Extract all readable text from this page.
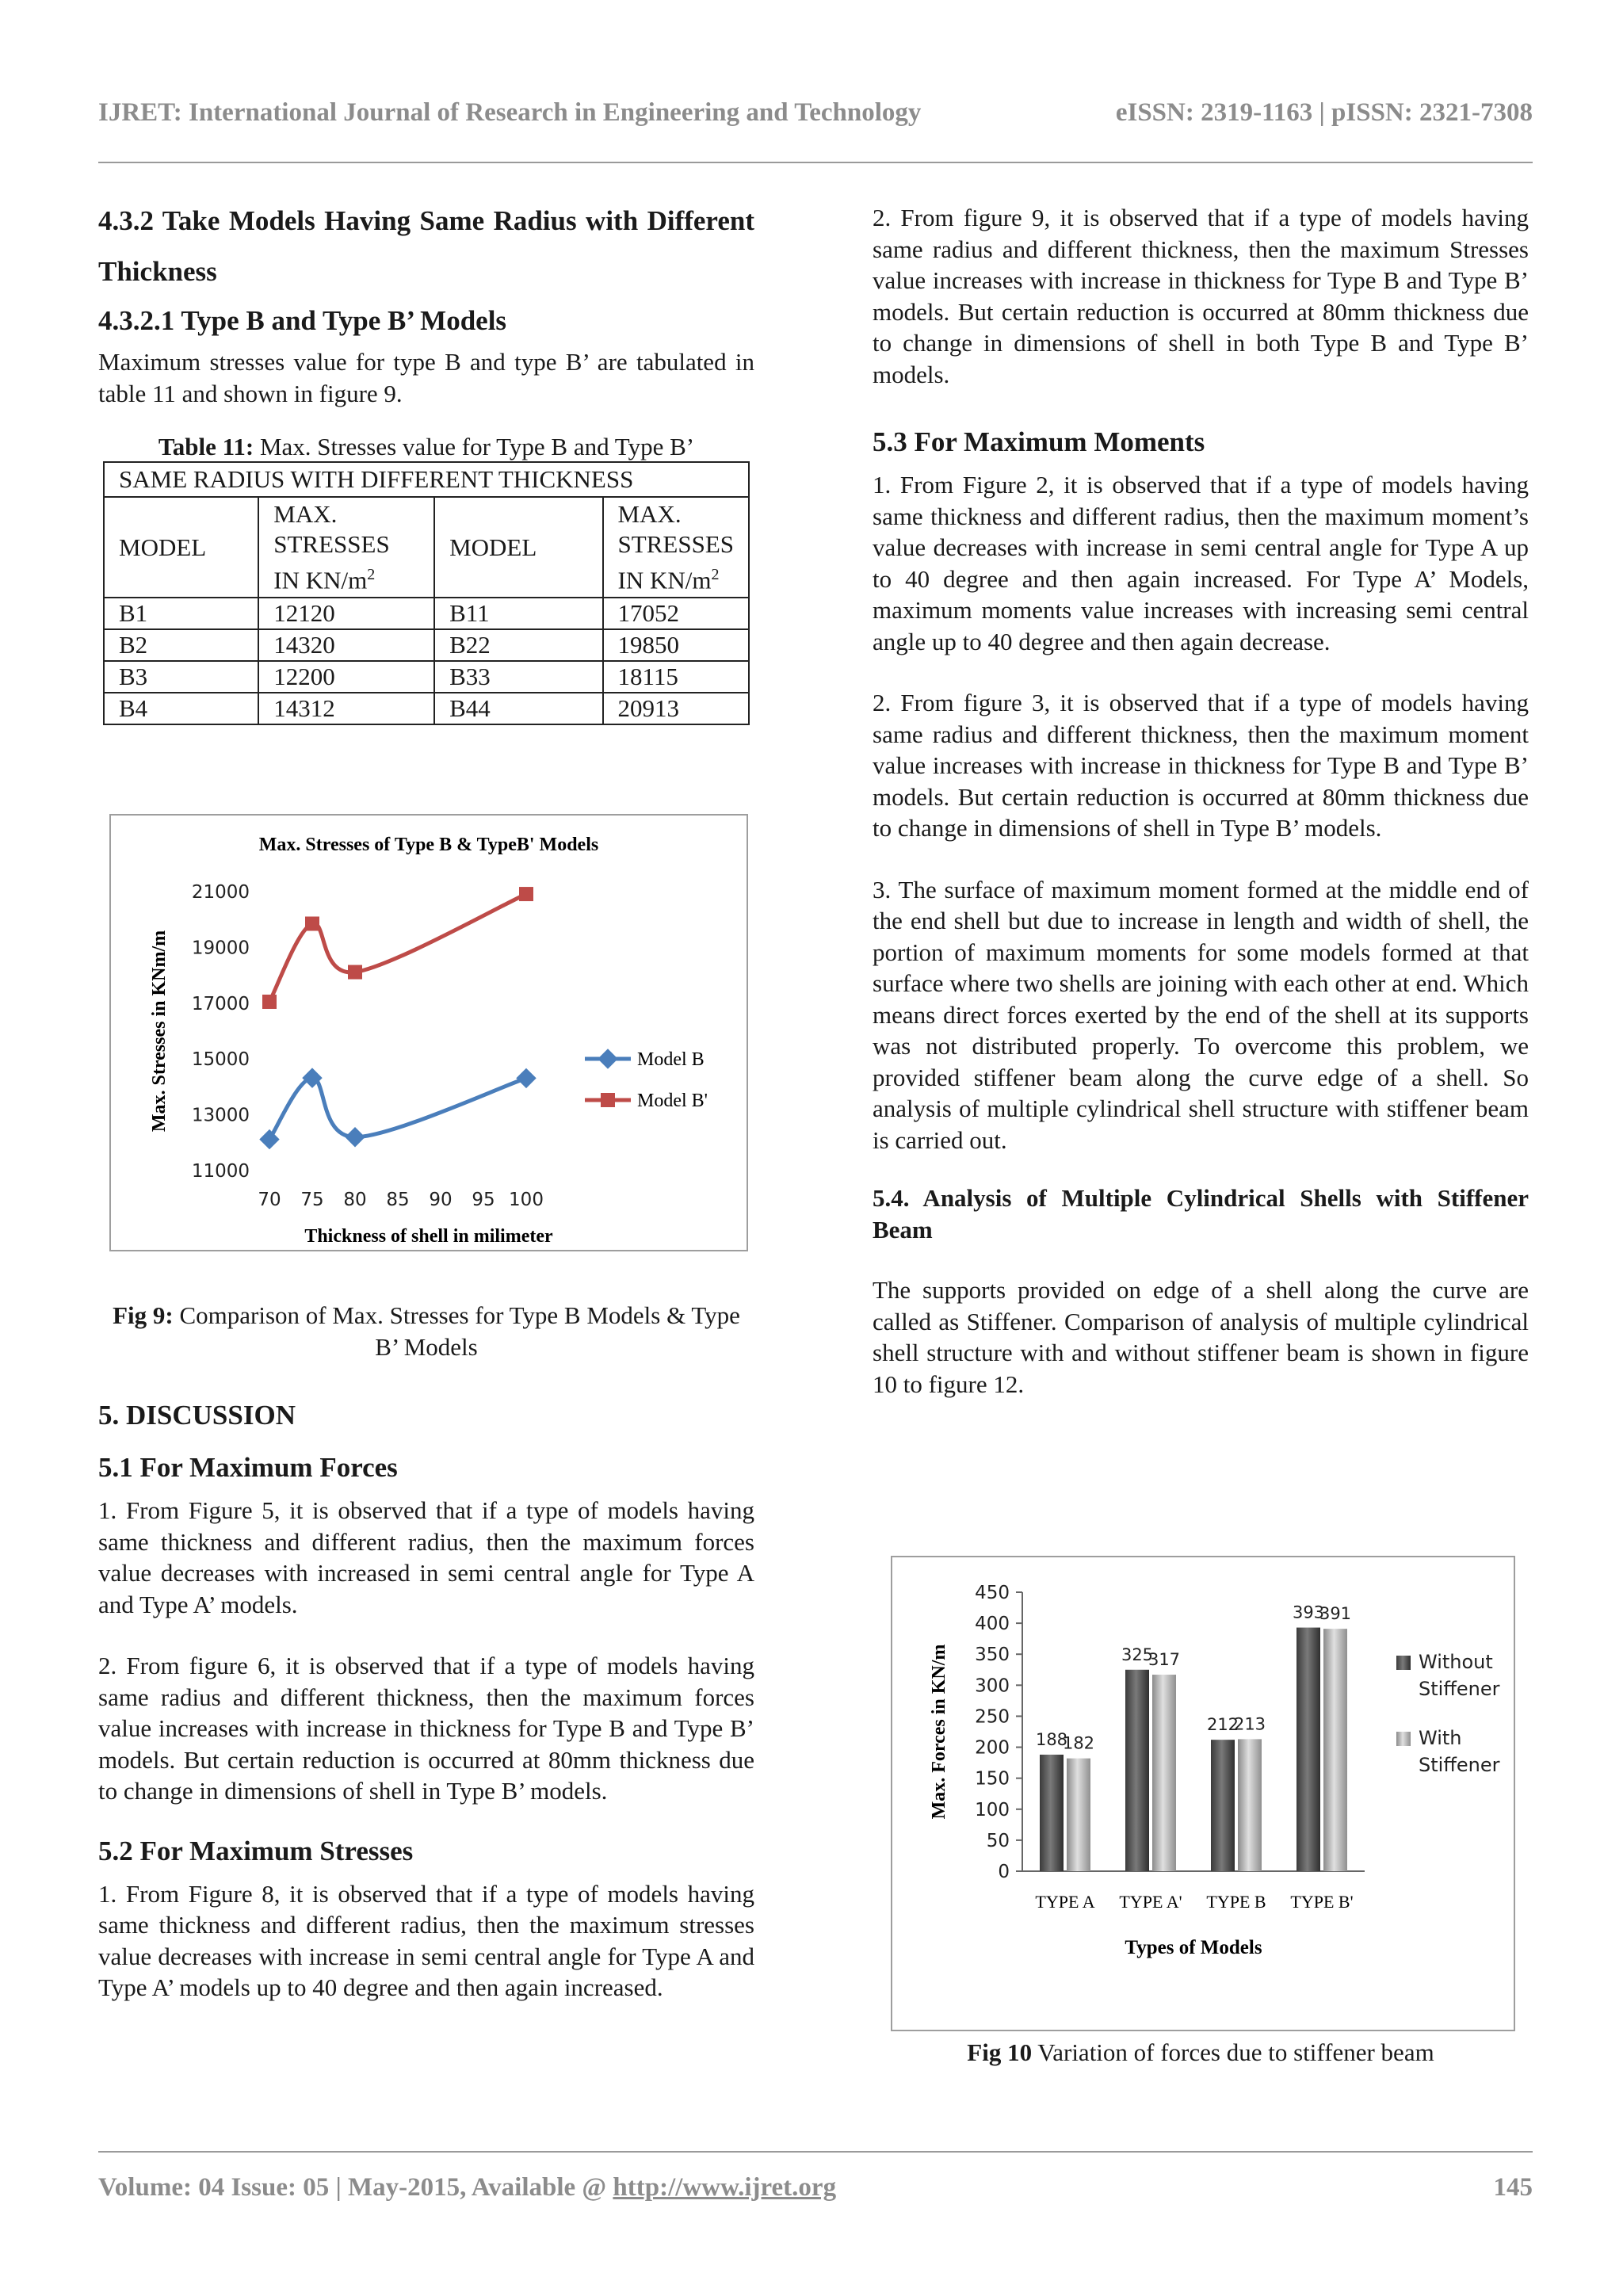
IJRET: International Journal of Research in Engineering and Technology	eISSN: 2319-1163 | pISSN: 2321-7308
4.3.2 Take Models Having Same Radius with Different Thickness
4.3.2.1 Type B and Type B’ Models

Maximum stresses value for type B and type B’ are tabulated in table 11 and shown in figure 9.

Table 11: Max. Stresses value for Type B and Type B’
SAME RADIUS WITH DIFFERENT THICKNESS			
MODEL	MAX.
STRESSES
IN $KN/m^2$	MODEL	MAX.
STRESSES
IN $KN/m^2$
B1	12120	B11	17052
B2	14320	B22	19850
B3	12200	B33	18115
B4	14312	B44	20913
Max. Stresses of Type B & TypeB' Models
11000
13000
15000
17000
19000
21000
70 75 80 85 90 95 100
Thickness of shell in milimeter
Max. Stresses in KNm/m	Model B
Model B'
Fig 9: Comparison of Max. Stresses for Type B Models & Type B’ Models
5. DISCUSSION
5.1 For Maximum Forces

1. From Figure 5, it is observed that if a type of models having same thickness and different radius, then the maximum forces value decreases with increased in semi central angle for Type A and Type A’ models.

2. From figure 6, it is observed that if a type of models having same radius and different thickness, then the maximum forces value increases with increase in thickness for Type B and Type B’ models. But certain reduction is occurred at 80mm thickness due to change in dimensions of shell in Type B’ models.

5.2 For Maximum Stresses

1. From Figure 8, it is observed that if a type of models having same thickness and different radius, then the maximum stresses value decreases with increase in semi central angle for Type A and Type A’ models up to 40 degree and then again increased.

2. From figure 9, it is observed that if a type of models having same radius and different thickness, then the maximum Stresses value increases with increase in thickness for Type B and Type B’ models. But certain reduction is occurred at 80mm thickness due to change in dimensions of shell in both Type B and Type B’ models.

5.3 For Maximum Moments

1. From Figure 2, it is observed that if a type of models having same thickness and different radius, then the maximum moment’s value decreases with increase in semi central angle for Type A up to 40 degree and then again increased. For Type A’ Models, maximum moments value increases with increasing semi central angle up to 40 degree and then again decrease.

2. From figure 3, it is observed that if a type of models having same radius and different thickness, then the maximum moment value increases with increase in thickness for Type B and Type B’ models. But certain reduction is occurred at 80mm thickness due to change in dimensions of shell in Type B’ models.

3. The surface of maximum moment formed at the middle end of the end shell but due to increase in length and width of shell, the portion of maximum moments for some models formed at that surface where two shells are joining with each other at end. Which means direct forces exerted by the end of the shell at its supports was not distributed properly. To overcome this problem, we provided stiffener beam along the curve edge of a shell. So analysis of multiple cylindrical shell structure with stiffener beam is carried out.

5.4. Analysis of Multiple Cylindrical Shells with Stiffener Beam

The supports provided on edge of a shell along the curve are called as Stiffener. Comparison of analysis of multiple cylindrical shell structure with and without stiffener beam is shown in figure 10 to figure 12.

0
50
100
150
200
250
300
350
400
450
Max. Forces in KN/m	188
182
TYPE A
325
317
TYPE A'
212
213
TYPE B
393
391
TYPE B'
Types of Models
Without
Stiffener
With
Stiffener
Fig 10 Variation of forces due to stiffener beam
Volume: 04 Issue: 05 | May-2015, Available @ http://www.ijret.org	145
